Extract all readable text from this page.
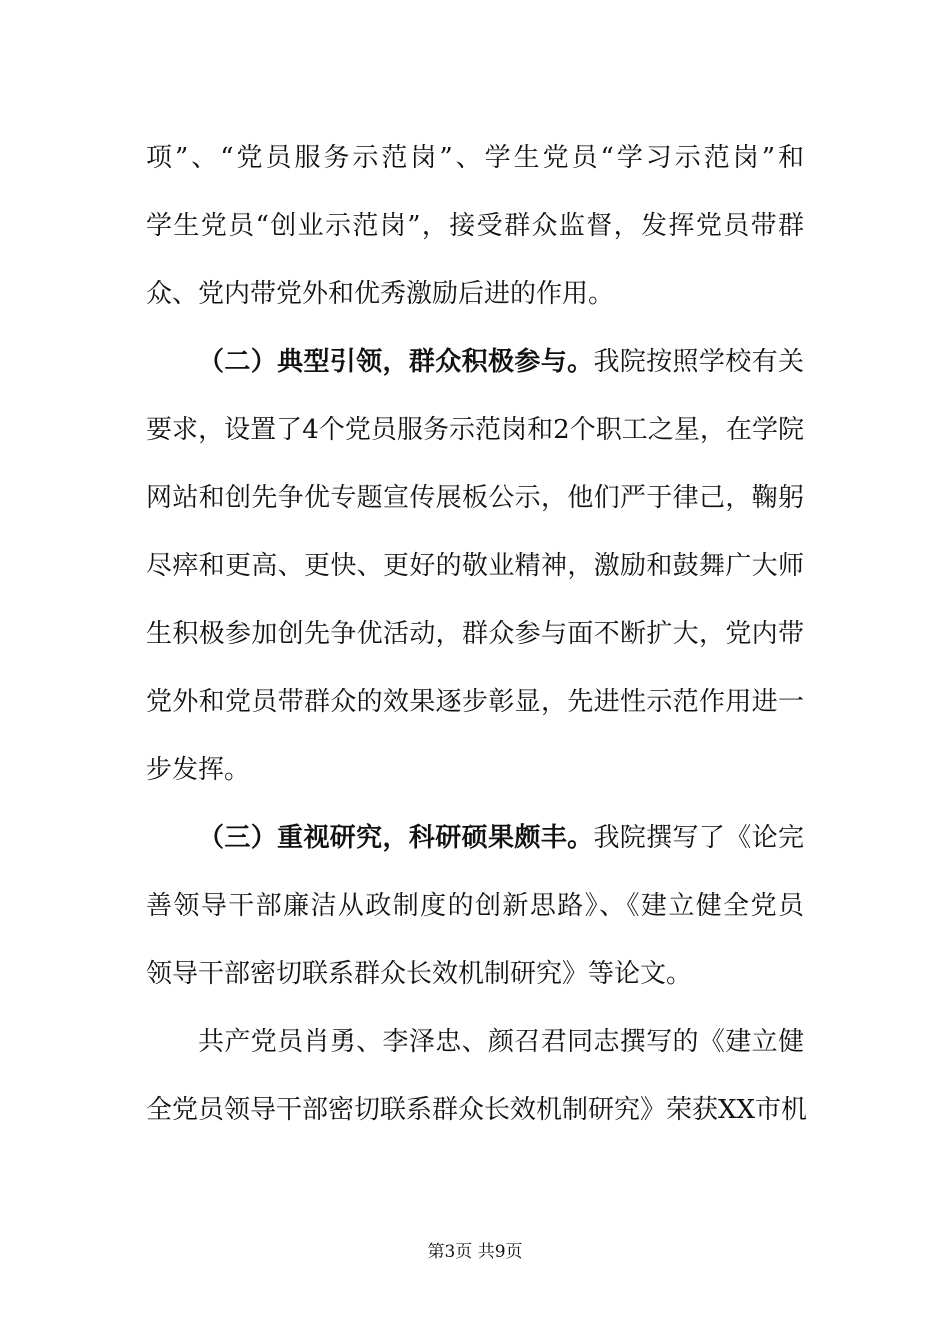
项”、“党员服务示范岗”、学生党员“学习示范岗”和
学生党员“创业示范岗”，接受群众监督，发挥党员带群
众、党内带党外和优秀激励后进的作用。
（二）典型引领，群众积极参与。我院按照学校有关
要求，设置了4个党员服务示范岗和2个职工之星，在学院
网站和创先争优专题宣传展板公示，他们严于律己，鞠躬
尽瘁和更高、更快、更好的敬业精神，激励和鼓舞广大师
生积极参加创先争优活动，群众参与面不断扩大，党内带
党外和党员带群众的效果逐步彰显，先进性示范作用进一
步发挥。
（三）重视研究，科研硕果颇丰。我院撰写了《论完
善领导干部廉洁从政制度的创新思路》、《建立健全党员
领导干部密切联系群众长效机制研究》等论文。
共产党员肖勇、李泽忠、颜召君同志撰写的《建立健
全党员领导干部密切联系群众长效机制研究》荣获XX市机
第3页 共9页
